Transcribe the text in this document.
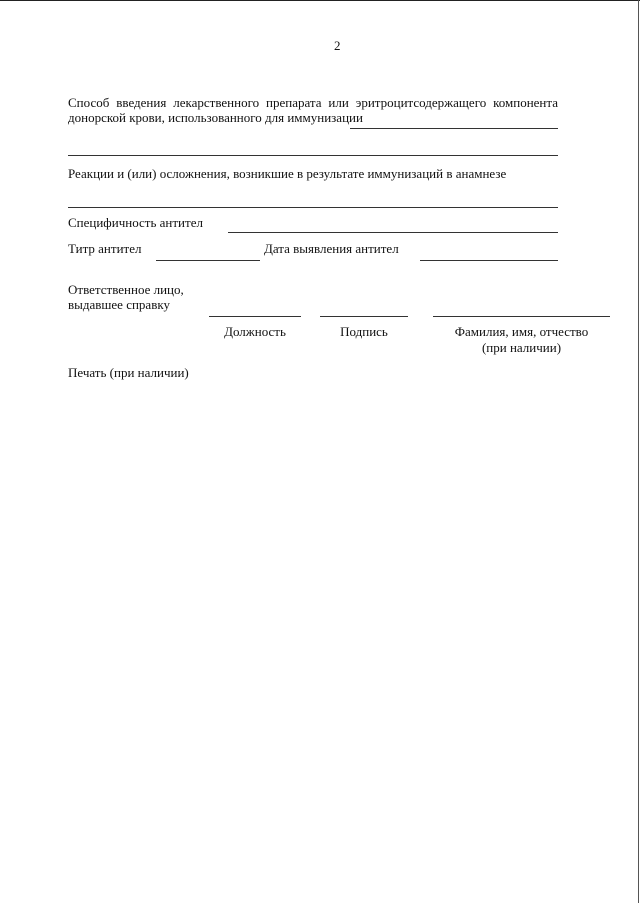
2
Способ введения лекарственного препарата или эритроцитсодержащего компонента
донорской крови, использованного для иммунизации
Реакции и (или) осложнения, возникшие в результате иммунизаций в анамнезе
Специфичность антител
Титр антител	Дата выявления антител
Ответственное лицо,
выдавшее справку
Должность	Подпись	Фамилия, имя, отчество
(при наличии)
Печать (при наличии)
